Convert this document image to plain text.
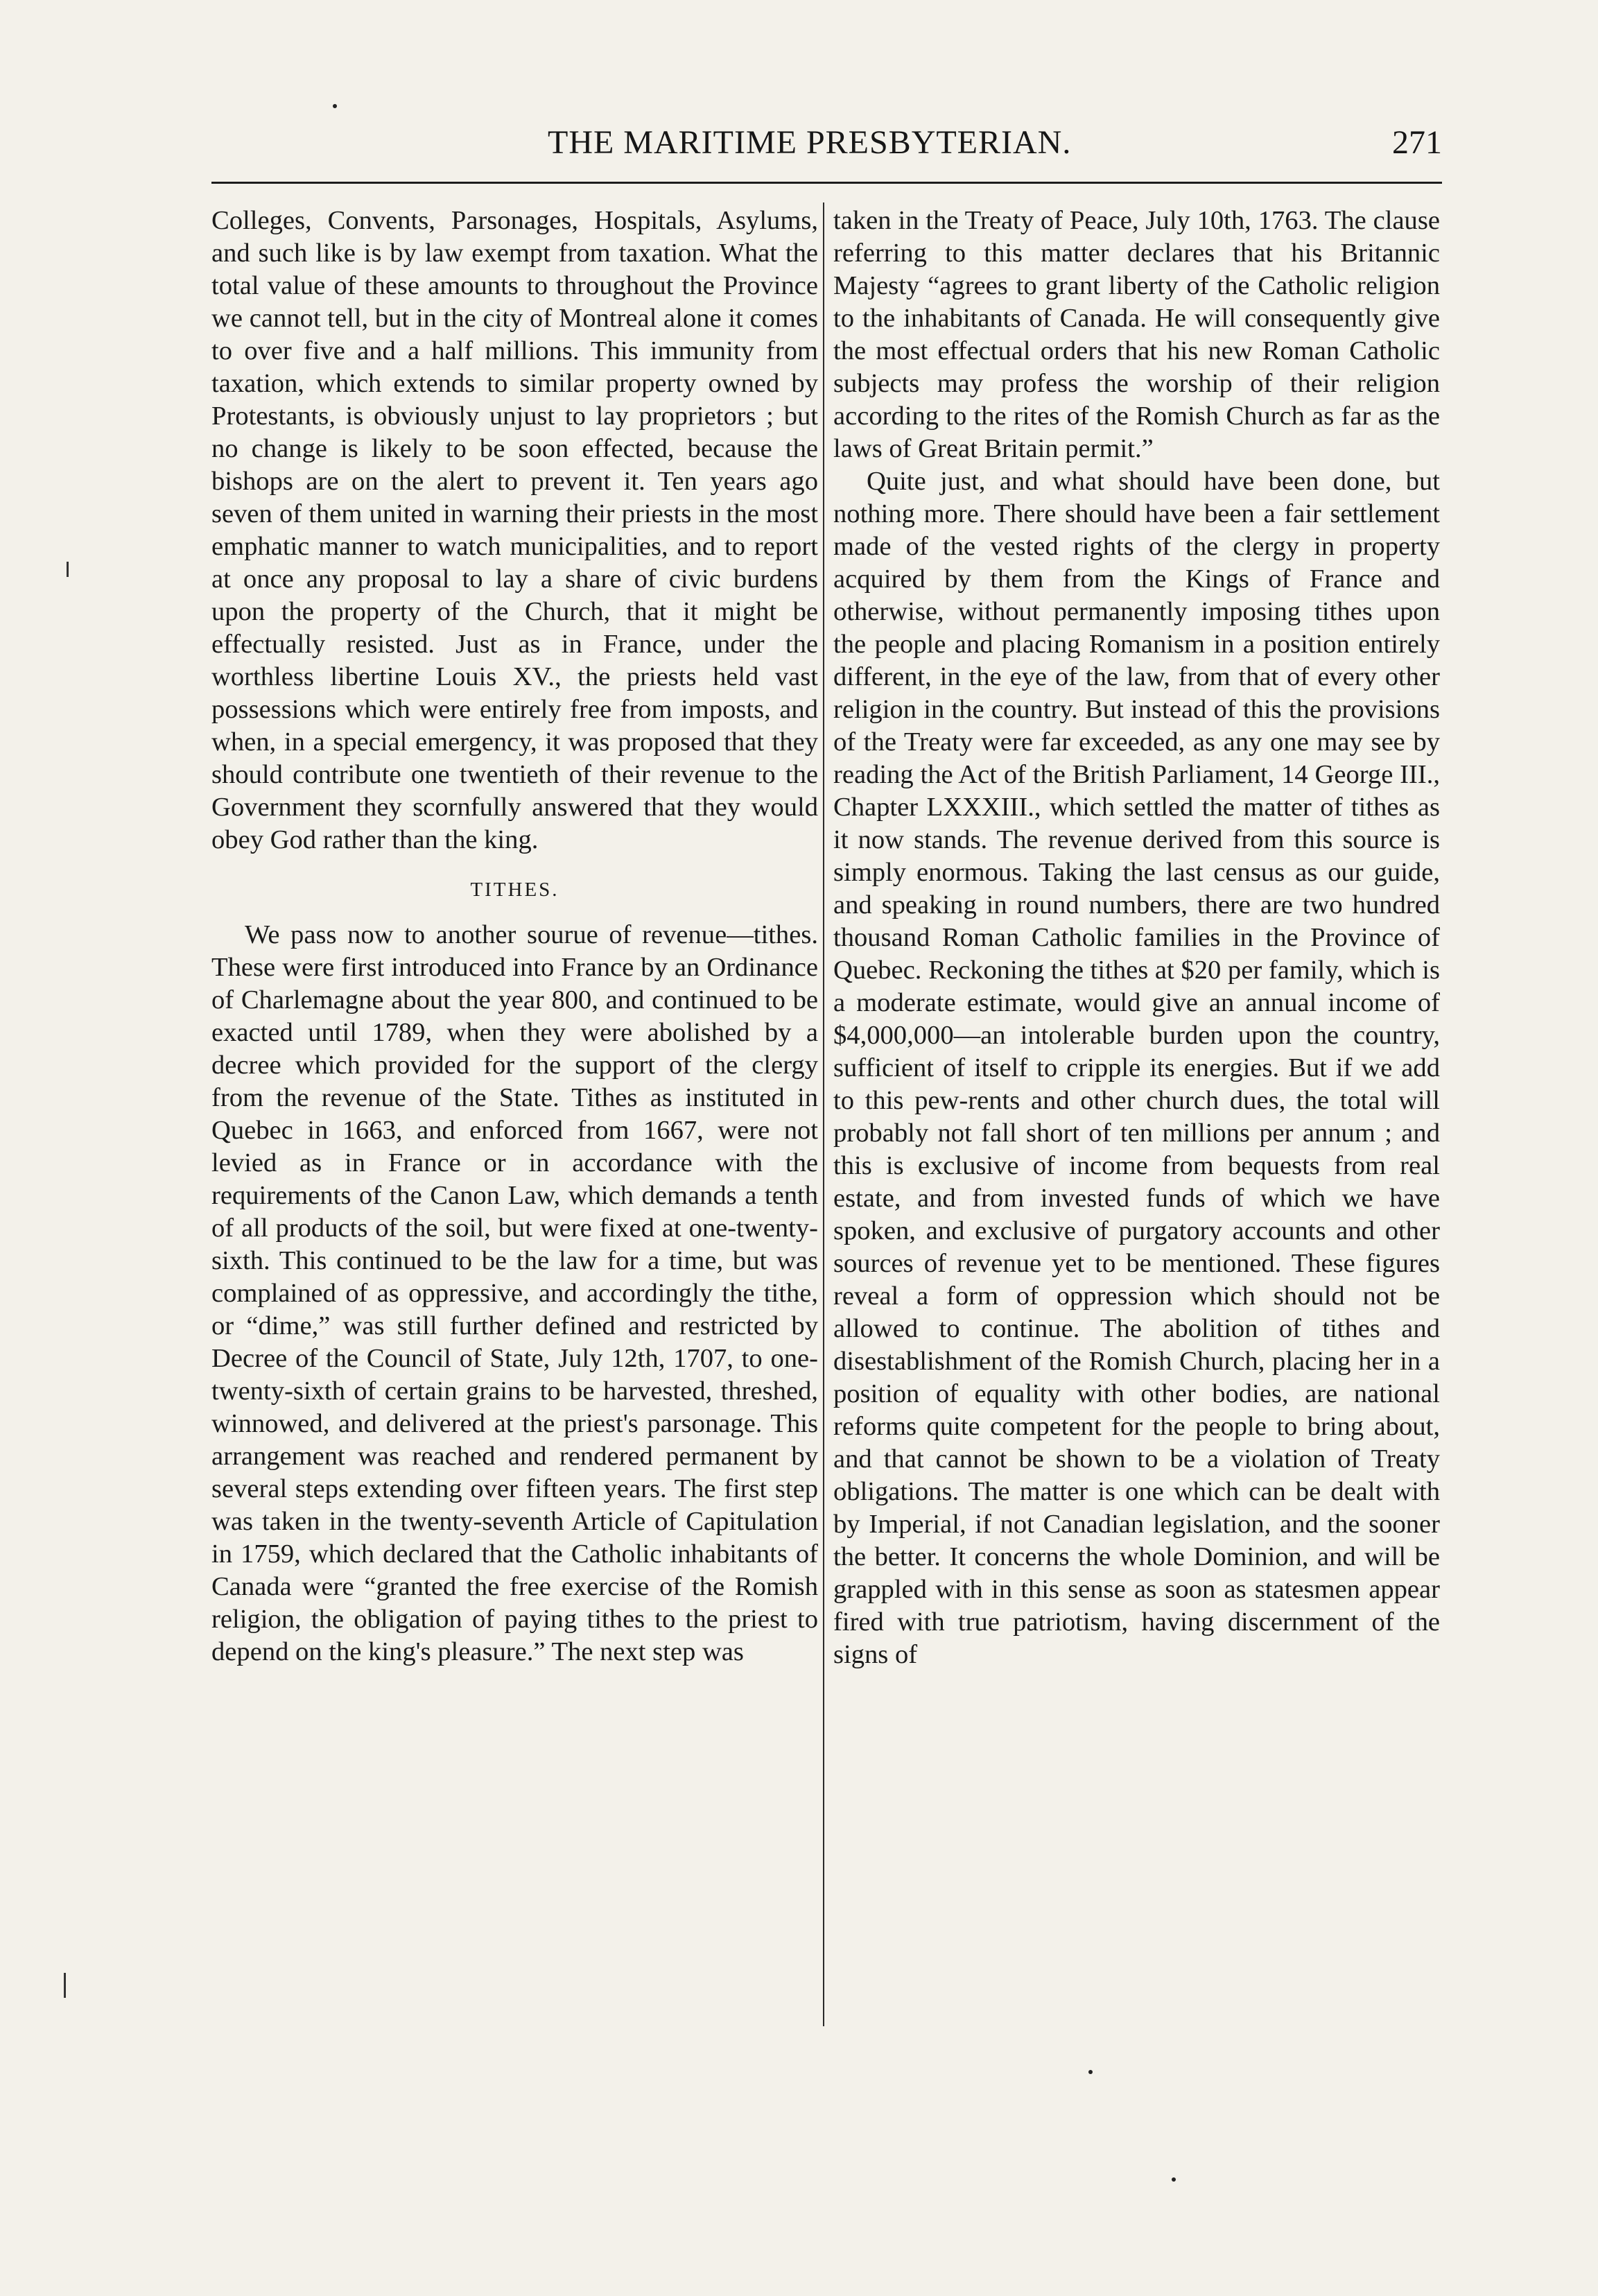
THE MARITIME PRESBYTERIAN.	271

Colleges, Convents, Parsonages, Hospitals, Asylums, and such like is by law exempt from taxation. What the total value of these amounts to throughout the Province we cannot tell, but in the city of Montreal alone it comes to over five and a half millions. This immunity from taxation, which extends to similar property owned by Protestants, is obviously unjust to lay proprietors ; but no change is likely to be soon effected, because the bishops are on the alert to prevent it. Ten years ago seven of them united in warning their priests in the most emphatic manner to watch municipalities, and to report at once any proposal to lay a share of civic burdens upon the property of the Church, that it might be effectually resisted. Just as in France, under the worthless libertine Louis XV., the priests held vast possessions which were entirely free from imposts, and when, in a special emergency, it was proposed that they should contribute one twentieth of their revenue to the Government they scornfully answered that they would obey God rather than the king.

TITHES.

We pass now to another sourue of revenue—tithes. These were first introduced into France by an Ordinance of Charlemagne about the year 800, and continued to be exacted until 1789, when they were abolished by a decree which provided for the support of the clergy from the revenue of the State. Tithes as instituted in Quebec in 1663, and enforced from 1667, were not levied as in France or in accordance with the requirements of the Canon Law, which demands a tenth of all products of the soil, but were fixed at one-twenty-sixth. This continued to be the law for a time, but was complained of as oppressive, and accordingly the tithe, or “dime,” was still further defined and restricted by Decree of the Council of State, July 12th, 1707, to one-twenty-sixth of certain grains to be harvested, threshed, winnowed, and delivered at the priest's parsonage. This arrangement was reached and rendered permanent by several steps extending over fifteen years. The first step was taken in the twenty-seventh Article of Capitulation in 1759, which declared that the Catholic inhabitants of Canada were “granted the free exercise of the Romish religion, the obligation of paying tithes to the priest to depend on the king's pleasure.” The next step was

taken in the Treaty of Peace, July 10th, 1763. The clause referring to this matter declares that his Britannic Majesty “agrees to grant liberty of the Catholic religion to the inhabitants of Canada. He will consequently give the most effectual orders that his new Roman Catholic subjects may profess the worship of their religion according to the rites of the Romish Church as far as the laws of Great Britain permit.”

Quite just, and what should have been done, but nothing more. There should have been a fair settlement made of the vested rights of the clergy in property acquired by them from the Kings of France and otherwise, without permanently imposing tithes upon the people and placing Romanism in a position entirely different, in the eye of the law, from that of every other religion in the country. But instead of this the provisions of the Treaty were far exceeded, as any one may see by reading the Act of the British Parliament, 14 George III., Chapter LXXXIII., which settled the matter of tithes as it now stands. The revenue derived from this source is simply enormous. Taking the last census as our guide, and speaking in round numbers, there are two hundred thousand Roman Catholic families in the Province of Quebec. Reckoning the tithes at $20 per family, which is a moderate estimate, would give an annual income of $4,000,000—an intolerable burden upon the country, sufficient of itself to cripple its energies. But if we add to this pew-rents and other church dues, the total will probably not fall short of ten millions per annum ; and this is exclusive of income from bequests from real estate, and from invested funds of which we have spoken, and exclusive of purgatory accounts and other sources of revenue yet to be mentioned. These figures reveal a form of oppression which should not be allowed to continue. The abolition of tithes and disestablishment of the Romish Church, placing her in a position of equality with other bodies, are national reforms quite competent for the people to bring about, and that cannot be shown to be a violation of Treaty obligations. The matter is one which can be dealt with by Imperial, if not Canadian legislation, and the sooner the better. It concerns the whole Dominion, and will be grappled with in this sense as soon as statesmen appear fired with true patriotism, having discernment of the signs of
